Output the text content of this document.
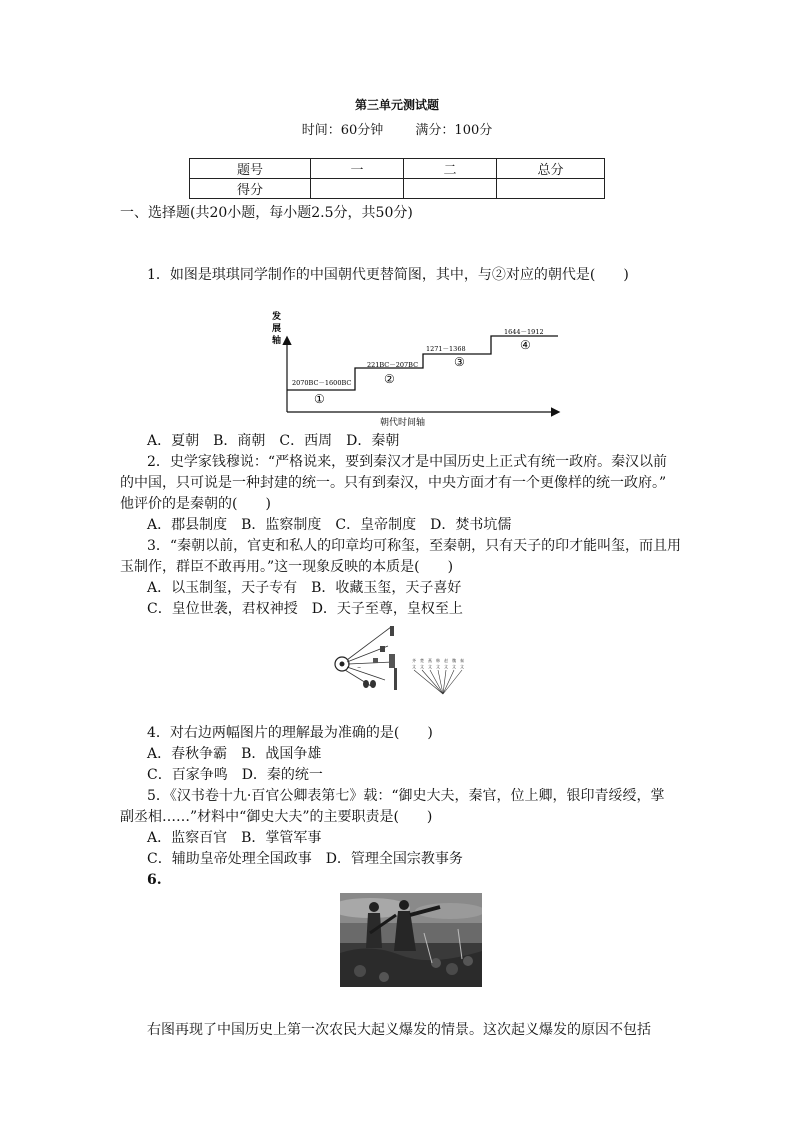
第三单元测试题
时间：60分钟 满分：100分
题号	一	二	总分
得分			
一、选择题(共20小题，每小题2.5分，共50分)
1．如图是琪琪同学制作的中国朝代更替简图，其中，与②对应的朝代是(　　)
发
展
轴
朝代时间轴
2070BC－1600BC
①
221BC－207BC
②
1271－1368
③
1644－1912
④
A．夏朝　B．商朝　C．西周　D．秦朝
2．史学家钱穆说：“严格说来，要到秦汉才是中国历史上正式有统一政府。秦汉以前
的中国，只可说是一种封建的统一。只有到秦汉，中央方面才有一个更像样的统一政府。”
他评价的是秦朝的(　　)
A．郡县制度　B．监察制度　C．皇帝制度　D．焚书坑儒
3．“秦朝以前，官吏和私人的印章均可称玺，至秦朝，只有天子的印才能叫玺，而且用
玉制作，群臣不敢再用。”这一现象反映的本质是(　　)
A．以玉制玺，天子专有　B．收藏玉玺，天子喜好
C．皇位世袭，君权神授　D．天子至尊，皇权至上
~
齐 楚 燕 韩 赵 魏 秦
文 文 文 文 文 文 文
4．对右边两幅图片的理解最为准确的是(　　)
A．春秋争霸　B．战国争雄
C．百家争鸣　D．秦的统一
5．《汉书卷十九·百官公卿表第七》载：“御史大夫，秦官，位上卿，银印青绥绶，掌
副丞相……”材料中“御史大夫”的主要职责是(　　)
A．监察百官　B．掌管军事
C．辅助皇帝处理全国政事　D．管理全国宗教事务
6.
右图再现了中国历史上第一次农民大起义爆发的情景。这次起义爆发的原因不包括
